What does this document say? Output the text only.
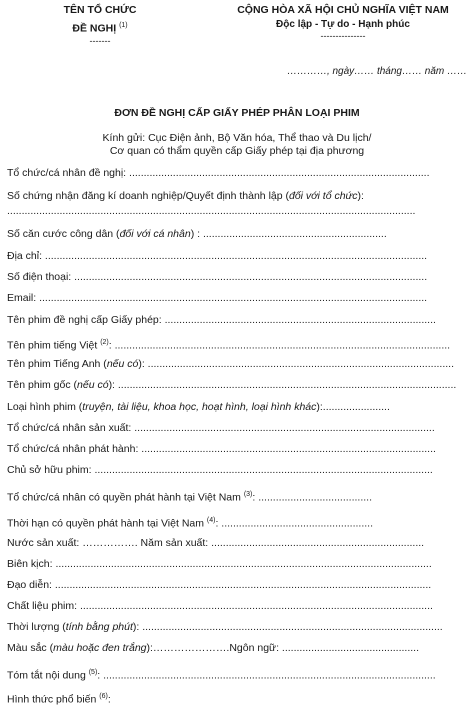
TÊN TỔ CHỨC
ĐỀ NGHỊ $^{(1)}$
-------
CỘNG HÒA XÃ HỘI CHỦ NGHĨA VIỆT NAM
Độc lập - Tự do - Hạnh phúc
---------------
…………, ngày…… tháng…… năm ……
ĐƠN ĐỀ NGHỊ CẤP GIẤY PHÉP PHÂN LOẠI PHIM
Kính gửi: Cục Điện ảnh, Bộ Văn hóa, Thể thao và Du lịch/
Cơ quan có thẩm quyền cấp Giấy phép tại địa phương
Tổ chức/cá nhân đề nghị: .......................................................................................................
Số chứng nhận đăng kí doanh nghiệp/Quyết định thành lập (đối với tổ chức):
............................................................................................................................................
Số căn cước công dân (đối với cá nhân) : ...............................................................
Địa chỉ: ...................................................................................................................................
Số điện thoại: .........................................................................................................................
Email: .....................................................................................................................................
Tên phim đề nghị cấp Giấy phép: .............................................................................................
Tên phim tiếng Việt $^{(2)}$: ...................................................................................................................
Tên phim Tiếng Anh (nếu có): .........................................................................................................
Tên phim gốc (nếu có): ....................................................................................................................
Loại hình phim (truyện, tài liệu, khoa học, hoạt hình, loại hình khác):.......................
Tổ chức/cá nhân sản xuất: .......................................................................................................
Tổ chức/cá nhân phát hành: .....................................................................................................
Chủ sở hữu phim: ....................................................................................................................
Tổ chức/cá nhân có quyền phát hành tại Việt Nam $^{(3)}$: .......................................
Thời hạn có quyền phát hành tại Việt Nam $^{(4)}$: ....................................................
Nước sản xuất: ……………. Năm sản xuất: .........................................................................
Biên kịch: .................................................................................................................................
Đạo diễn: .................................................................................................................................
Chất liệu phim: .........................................................................................................................
Thời lượng (tính bằng phút): .......................................................................................................
Màu sắc (màu hoặc đen trắng):………………….Ngôn ngữ: ...............................................
Tóm tắt nội dung $^{(5)}$: ..................................................................................................................
Hình thức phổ biến $^{(6)}$:
